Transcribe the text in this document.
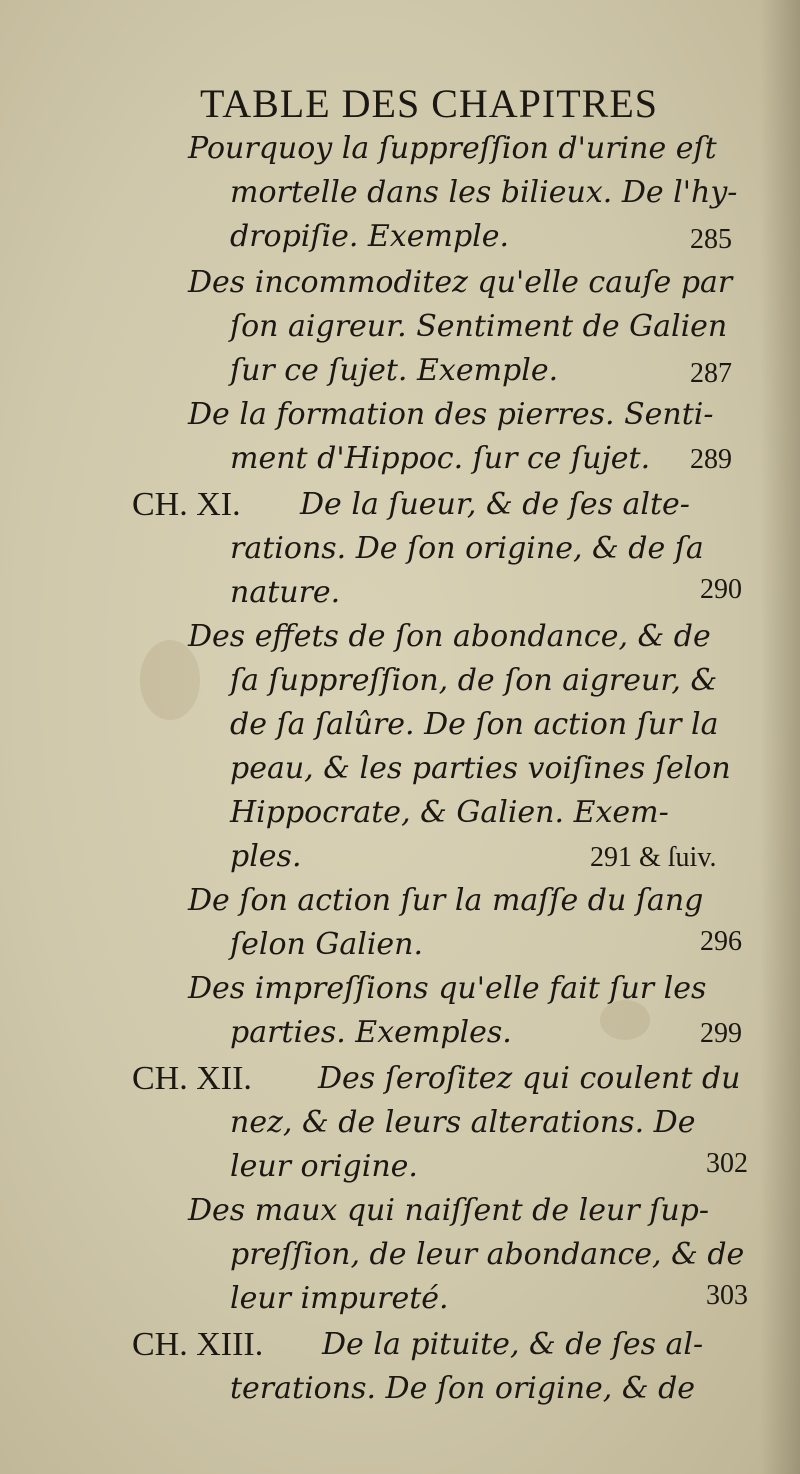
TABLE DES CHAPITRES
Pourquoy la ſuppreſſion d'urine eſt
mortelle dans les bilieux. De l'hy-
dropiſie. Exemple.	285
Des incommoditez qu'elle cauſe par
ſon aigreur. Sentiment de Galien
ſur ce ſujet. Exemple.	287
De la formation des pierres. Senti-
ment d'Hippoc. ſur ce ſujet. 289
CH. XI. De la ſueur, & de ſes alte-
rations. De ſon origine, & de ſa
nature.	290
Des effets de ſon abondance, & de
ſa ſuppreſſion, de ſon aigreur, &
de ſa ſalûre. De ſon action ſur la
peau, & les parties voiſines ſelon
Hippocrate, & Galien. Exem-
ples.	291 & ſuiv.
De ſon action ſur la maſſe du ſang
ſelon Galien.	296
Des impreſſions qu'elle fait ſur les
parties. Exemples.	299
CH. XII. Des ſeroſitez qui coulent du
nez, & de leurs alterations. De
leur origine.	302
Des maux qui naiſſent de leur ſup-
preſſion, de leur abondance, & de
leur impureté.	303
CH. XIII. De la pituite, & de ſes al-
terations. De ſon origine, & de
